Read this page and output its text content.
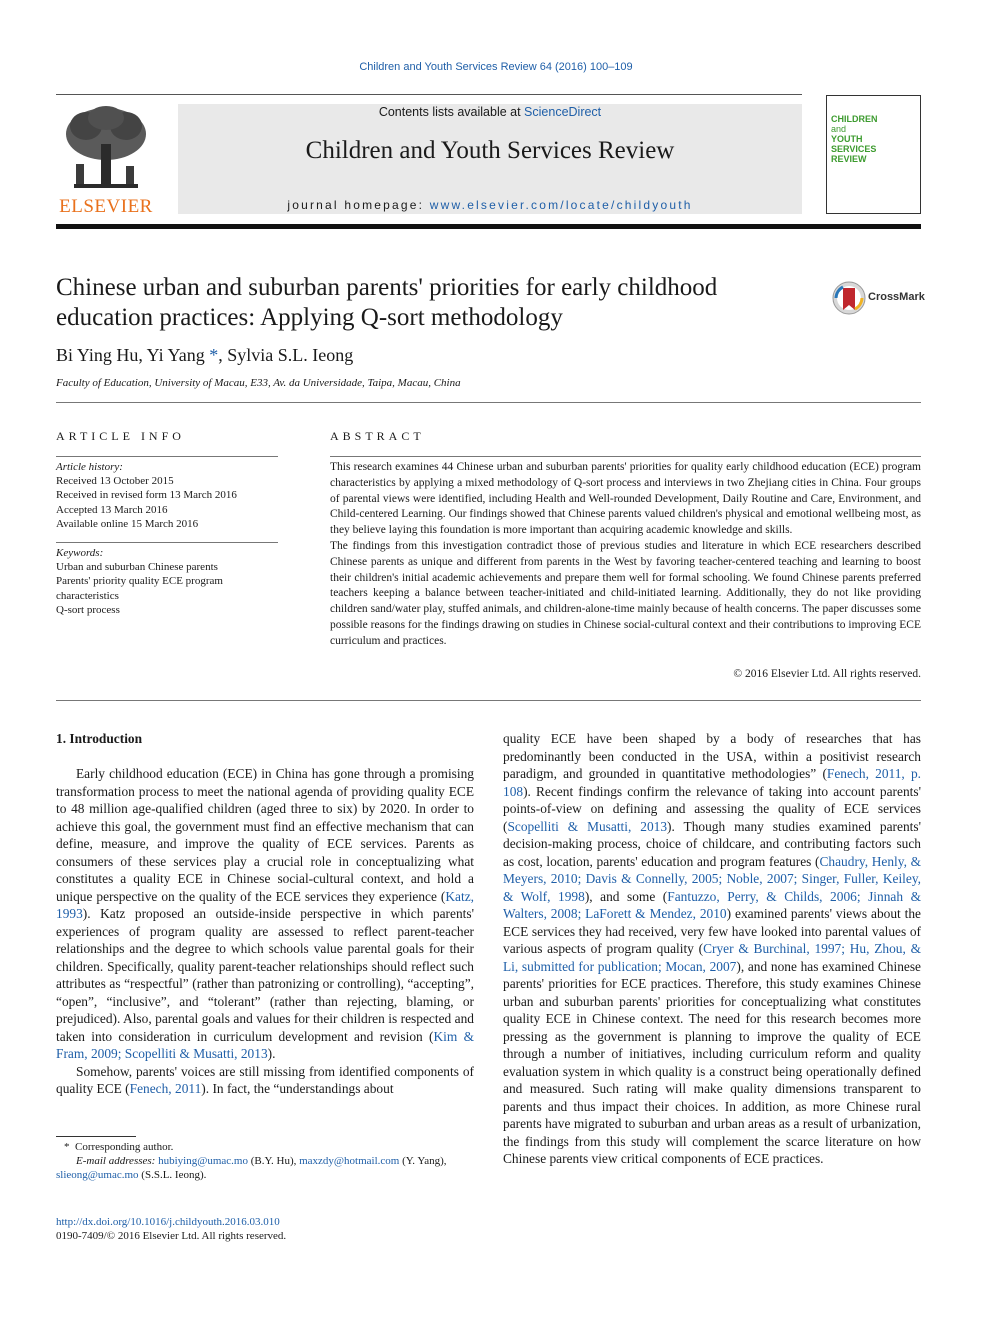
Children and Youth Services Review 64 (2016) 100–109
ELSEVIER
Contents lists available at ScienceDirect
Children and Youth Services Review
journal homepage: www.elsevier.com/locate/childyouth
CHILDREN
and
YOUTH
SERVICES
REVIEW
Chinese urban and suburban parents' priorities for early childhood education practices: Applying Q-sort methodology
CrossMark
Bi Ying Hu, Yi Yang *, Sylvia S.L. Ieong
Faculty of Education, University of Macau, E33, Av. da Universidade, Taipa, Macau, China
ARTICLE INFO	ABSTRACT
Article history:
Received 13 October 2015
Received in revised form 13 March 2016
Accepted 13 March 2016
Available online 15 March 2016
Keywords:
Urban and suburban Chinese parents
Parents' priority quality ECE program
characteristics
Q-sort process

This research examines 44 Chinese urban and suburban parents' priorities for quality early childhood education (ECE) program characteristics by applying a mixed methodology of Q-sort process and interviews in two Zhejiang cities in China. Four groups of parental views were identified, including Health and Well-rounded Development, Daily Routine and Care, Environment, and Child-centered Learning. Our findings showed that Chinese parents valued children's physical and emotional wellbeing most, as they believe laying this foundation is more important than acquiring academic knowledge and skills.

The findings from this investigation contradict those of previous studies and literature in which ECE researchers described Chinese parents as unique and different from parents in the West by favoring teacher-centered teaching and learning to boost their children's initial academic achievements and prepare them well for formal schooling. We found Chinese parents preferred teachers keeping a balance between teacher-initiated and child-initiated learning. Additionally, they do not like providing children sand/water play, stuffed animals, and children-alone-time mainly because of health concerns. The paper discusses some possible reasons for the findings drawing on studies in Chinese social-cultural context and their contributions to improving ECE curriculum and practices.

© 2016 Elsevier Ltd. All rights reserved.
1. Introduction

Early childhood education (ECE) in China has gone through a promising transformation process to meet the national agenda of providing quality ECE to 48 million age-qualified children (aged three to six) by 2020. In order to achieve this goal, the government must find an effective mechanism that can define, measure, and improve the quality of ECE services. Parents as consumers of these services play a crucial role in conceptualizing what constitutes a quality ECE in Chinese social-cultural context, and hold a unique perspective on the quality of the ECE services they experience (Katz, 1993). Katz proposed an outside-inside perspective in which parents' experiences of program quality are assessed to reflect parent-teacher relationships and the degree to which schools value parental goals for their children. Specifically, quality parent-teacher relationships should reflect such attributes as “respectful” (rather than patronizing or controlling), “accepting”, “open”, “inclusive”, and “tolerant” (rather than rejecting, blaming, or prejudiced). Also, parental goals and values for their children is respected and taken into consideration in curriculum development and revision (Kim & Fram, 2009; Scopelliti & Musatti, 2013).

Somehow, parents' voices are still missing from identified components of quality ECE (Fenech, 2011). In fact, the “understandings about

quality ECE have been shaped by a body of researches that has predominantly been conducted in the USA, within a positivist research paradigm, and grounded in quantitative methodologies” (Fenech, 2011, p. 108). Recent findings confirm the relevance of taking into account parents' points-of-view on defining and assessing the quality of ECE services (Scopelliti & Musatti, 2013). Though many studies examined parents' decision-making process, choice of childcare, and contributing factors such as cost, location, parents' education and program features (Chaudry, Henly, & Meyers, 2010; Davis & Connelly, 2005; Noble, 2007; Singer, Fuller, Keiley, & Wolf, 1998), and some (Fantuzzo, Perry, & Childs, 2006; Jinnah & Walters, 2008; LaForett & Mendez, 2010) examined parents' views about the ECE services they had received, very few have looked into parental values of various aspects of program quality (Cryer & Burchinal, 1997; Hu, Zhou, & Li, submitted for publication; Mocan, 2007), and none has examined Chinese parents' priorities for ECE practices. Therefore, this study examines Chinese urban and suburban parents' priorities for conceptualizing what constitutes quality ECE in Chinese context. The need for this research becomes more pressing as the government is planning to improve the quality of ECE through a number of initiatives, including curriculum reform and quality evaluation system in which quality is a construct being operationally defined and measured. Such rating will make quality dimensions transparent to parents and thus impact their choices. In addition, as more Chinese rural parents have migrated to suburban and urban areas as a result of urbanization, the findings from this study will complement the scarce literature on how Chinese parents view critical components of ECE practices.

* Corresponding author.
E-mail addresses: hubiying@umac.mo (B.Y. Hu), maxzdy@hotmail.com (Y. Yang),
slieong@umac.mo (S.S.L. Ieong).
http://dx.doi.org/10.1016/j.childyouth.2016.03.010
0190-7409/© 2016 Elsevier Ltd. All rights reserved.
